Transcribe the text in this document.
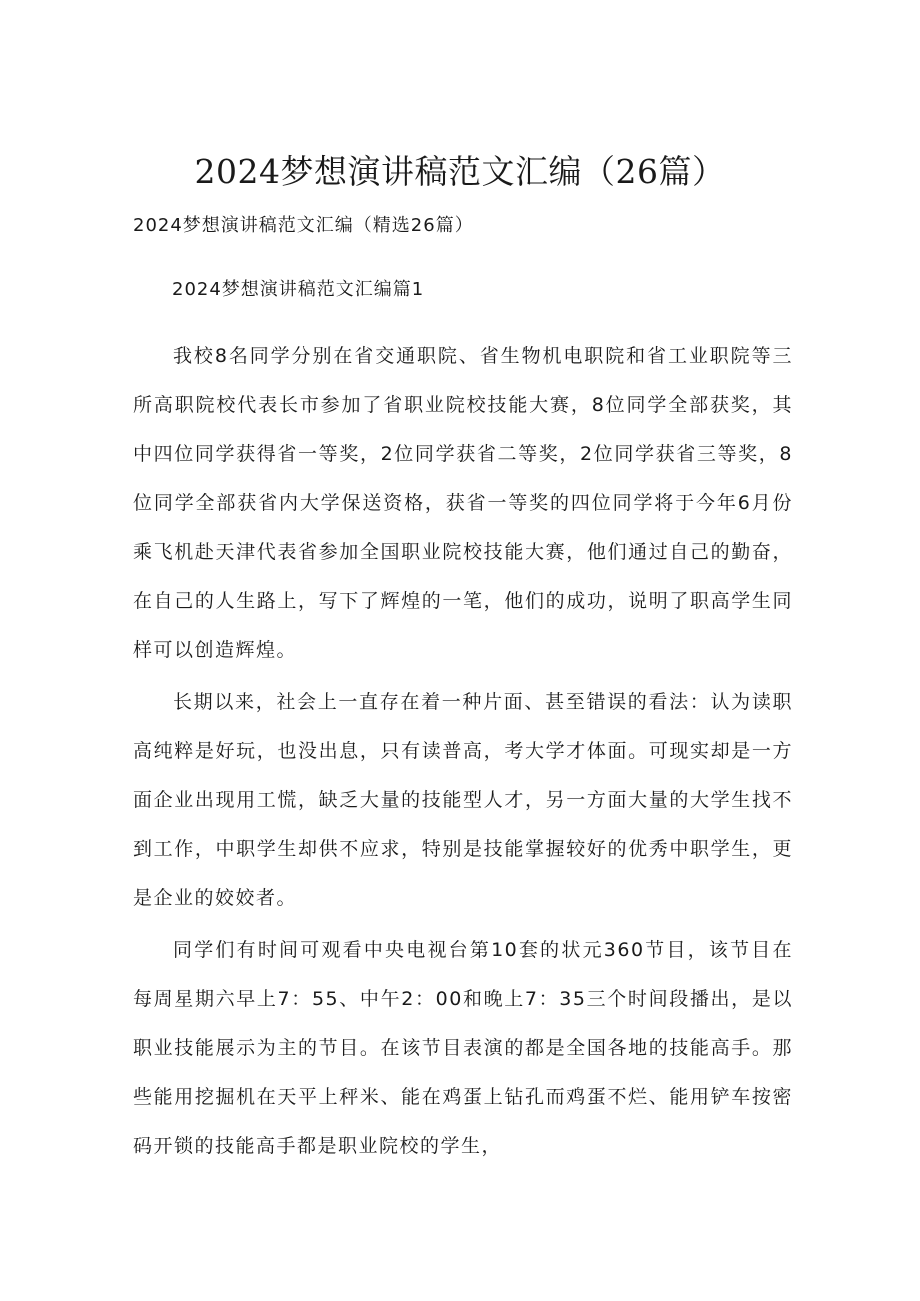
2024梦想演讲稿范文汇编（26篇）

2024梦想演讲稿范文汇编（精选26篇）

2024梦想演讲稿范文汇编篇1

我校8名同学分别在省交通职院、省生物机电职院和省工业职院等三所高职院校代表长市参加了省职业院校技能大赛，8位同学全部获奖，其中四位同学获得省一等奖，2位同学获省二等奖，2位同学获省三等奖，8位同学全部获省内大学保送资格，获省一等奖的四位同学将于今年6月份乘飞机赴天津代表省参加全国职业院校技能大赛，他们通过自己的勤奋，在自己的人生路上，写下了辉煌的一笔，他们的成功，说明了职高学生同样可以创造辉煌。

长期以来，社会上一直存在着一种片面、甚至错误的看法：认为读职高纯粹是好玩，也没出息，只有读普高，考大学才体面。可现实却是一方面企业出现用工慌，缺乏大量的技能型人才，另一方面大量的大学生找不到工作，中职学生却供不应求，特别是技能掌握较好的优秀中职学生，更是企业的姣姣者。

同学们有时间可观看中央电视台第10套的状元360节目，该节目在每周星期六早上7：55、中午2：00和晚上7：35三个时间段播出，是以职业技能展示为主的节目。在该节目表演的都是全国各地的技能高手。那些能用挖掘机在天平上秤米、能在鸡蛋上钻孔而鸡蛋不烂、能用铲车按密码开锁的技能高手都是职业院校的学生，
